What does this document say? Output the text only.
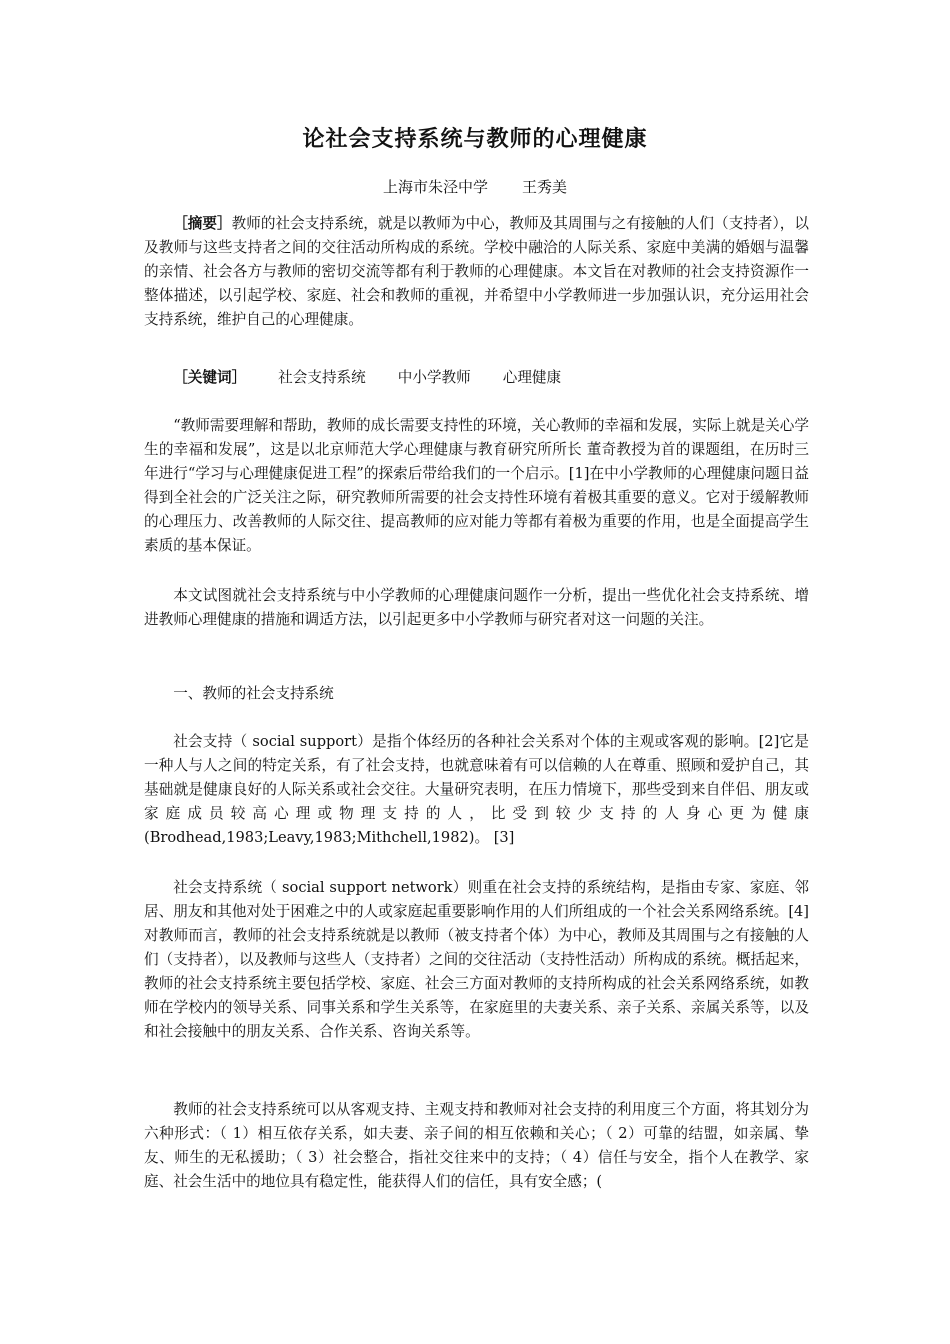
论社会支持系统与教师的心理健康
上海市朱泾中学 王秀美

［摘要］教师的社会支持系统，就是以教师为中心，教师及其周围与之有接触的人们（支持者），以及教师与这些支持者之间的交往活动所构成的系统。学校中融洽的人际关系、家庭中美满的婚姻与温馨的亲情、社会各方与教师的密切交流等都有利于教师的心理健康。本文旨在对教师的社会支持资源作一整体描述，以引起学校、家庭、社会和教师的重视，并希望中小学教师进一步加强认识，充分运用社会支持系统，维护自己的心理健康。

［关键词］ 社会支持系统 中小学教师 心理健康

“教师需要理解和帮助，教师的成长需要支持性的环境，关心教师的幸福和发展，实际上就是关心学生的幸福和发展”，这是以北京师范大学心理健康与教育研究所所长 董奇教授为首的课题组，在历时三年进行“学习与心理健康促进工程”的探索后带给我们的一个启示。[1]在中小学教师的心理健康问题日益得到全社会的广泛关注之际，研究教师所需要的社会支持性环境有着极其重要的意义。它对于缓解教师的心理压力、改善教师的人际交往、提高教师的应对能力等都有着极为重要的作用，也是全面提高学生素质的基本保证。

本文试图就社会支持系统与中小学教师的心理健康问题作一分析，提出一些优化社会支持系统、增进教师心理健康的措施和调适方法，以引起更多中小学教师与研究者对这一问题的关注。

一、教师的社会支持系统

社会支持（ social support）是指个体经历的各种社会关系对个体的主观或客观的影响。[2]它是一种人与人之间的特定关系，有了社会支持，也就意味着有可以信赖的人在尊重、照顾和爱护自己，其基础就是健康良好的人际关系或社会交往。大量研究表明，在压力情境下，那些受到来自伴侣、朋友或家庭成员较高心理或物理支持的人，比受到较少支持的人身心更为健康 (Brodhead,1983;Leavy,1983;Mithchell,1982)。 [3]

社会支持系统（ social support network）则重在社会支持的系统结构，是指由专家、家庭、邻居、朋友和其他对处于困难之中的人或家庭起重要影响作用的人们所组成的一个社会关系网络系统。[4]对教师而言，教师的社会支持系统就是以教师（被支持者个体）为中心，教师及其周围与之有接触的人们（支持者），以及教师与这些人（支持者）之间的交往活动（支持性活动）所构成的系统。概括起来，教师的社会支持系统主要包括学校、家庭、社会三方面对教师的支持所构成的社会关系网络系统，如教师在学校内的领导关系、同事关系和学生关系等，在家庭里的夫妻关系、亲子关系、亲属关系等，以及和社会接触中的朋友关系、合作关系、咨询关系等。

教师的社会支持系统可以从客观支持、主观支持和教师对社会支持的利用度三个方面，将其划分为六种形式：（ 1）相互依存关系，如夫妻、亲子间的相互依赖和关心；（ 2）可靠的结盟，如亲属、挚友、师生的无私援助；（ 3）社会整合，指社交往来中的支持；（ 4）信任与安全，指个人在教学、家庭、社会生活中的地位具有稳定性，能获得人们的信任，具有安全感；(
